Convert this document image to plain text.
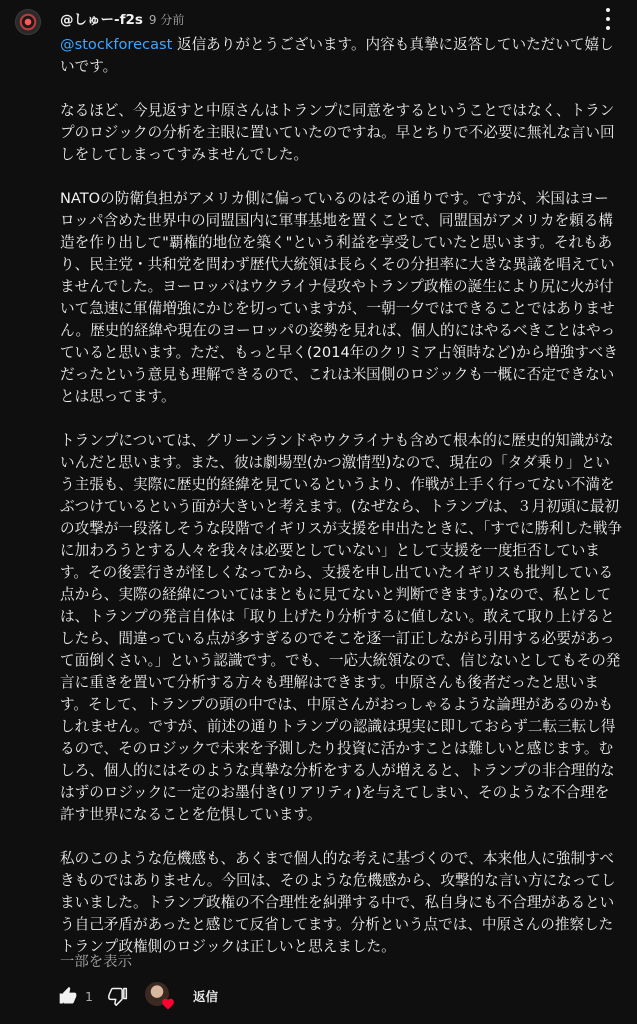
@しゅー-f2s 9 分前

@stockforecast 返信ありがとうございます。内容も真摯に返答していただいて嬉しいです。

なるほど、今見返すと中原さんはトランプに同意をするということではなく、トランプのロジックの分析を主眼に置いていたのですね。早とちりで不必要に無礼な言い回しをしてしまってすみませんでした。

NATOの防衛負担がアメリカ側に偏っているのはその通りです。ですが、米国はヨーロッパ含めた世界中の同盟国内に軍事基地を置くことで、同盟国がアメリカを頼る構造を作り出して"覇権的地位を築く"という利益を享受していたと思います。それもあり、民主党・共和党を問わず歴代大統領は長らくその分担率に大きな異議を唱えていませんでした。ヨーロッパはウクライナ侵攻やトランプ政権の誕生により尻に火が付いて急速に軍備増強にかじを切っていますが、一朝一夕ではできることではありません。歴史的経緯や現在のヨーロッパの姿勢を見れば、個人的にはやるべきことはやっていると思います。ただ、もっと早く(2014年のクリミア占領時など)から増強すべきだったという意見も理解できるので、これは米国側のロジックも一概に否定できないとは思ってます。

トランプについては、グリーンランドやウクライナも含めて根本的に歴史的知識がないんだと思います。また、彼は劇場型(かつ激情型)なので、現在の「タダ乗り」という主張も、実際に歴史的経緯を見ているというより、作戦が上手く行ってない不満をぶつけているという面が大きいと考えます。(なぜなら、トランプは、３月初頭に最初の攻撃が一段落しそうな段階でイギリスが支援を申出たときに、「すでに勝利した戦争に加わろうとする人々を我々は必要としていない」として支援を一度拒否しています。その後雲行きが怪しくなってから、支援を申し出ていたイギリスも批判している点から、実際の経緯についてはまともに見てないと判断できます。)なので、私としては、トランプの発言自体は「取り上げたり分析するに値しない。敢えて取り上げるとしたら、間違っている点が多すぎるのでそこを逐一訂正しながら引用する必要があって面倒くさい。」という認識です。でも、一応大統領なので、信じないとしてもその発言に重きを置いて分析する方々も理解はできます。中原さんも後者だったと思います。そして、トランプの頭の中では、中原さんがおっしゃるような論理があるのかもしれません。ですが、前述の通りトランプの認識は現実に即しておらず二転三転し得るので、そのロジックで未来を予測したり投資に活かすことは難しいと感じます。むしろ、個人的にはそのような真摯な分析をする人が増えると、トランプの非合理的なはずのロジックに一定のお墨付き(リアリティ)を与えてしまい、そのような不合理を許す世界になることを危惧しています。

私のこのような危機感も、あくまで個人的な考えに基づくので、本来他人に強制すべきものではありません。今回は、そのような危機感から、攻撃的な言い方になってしまいました。トランプ政権の不合理性を糾弾する中で、私自身にも不合理があるという自己矛盾があったと感じて反省してます。分析という点では、中原さんの推察したトランプ政権側のロジックは正しいと思えました。

一部を表示
1	返信
